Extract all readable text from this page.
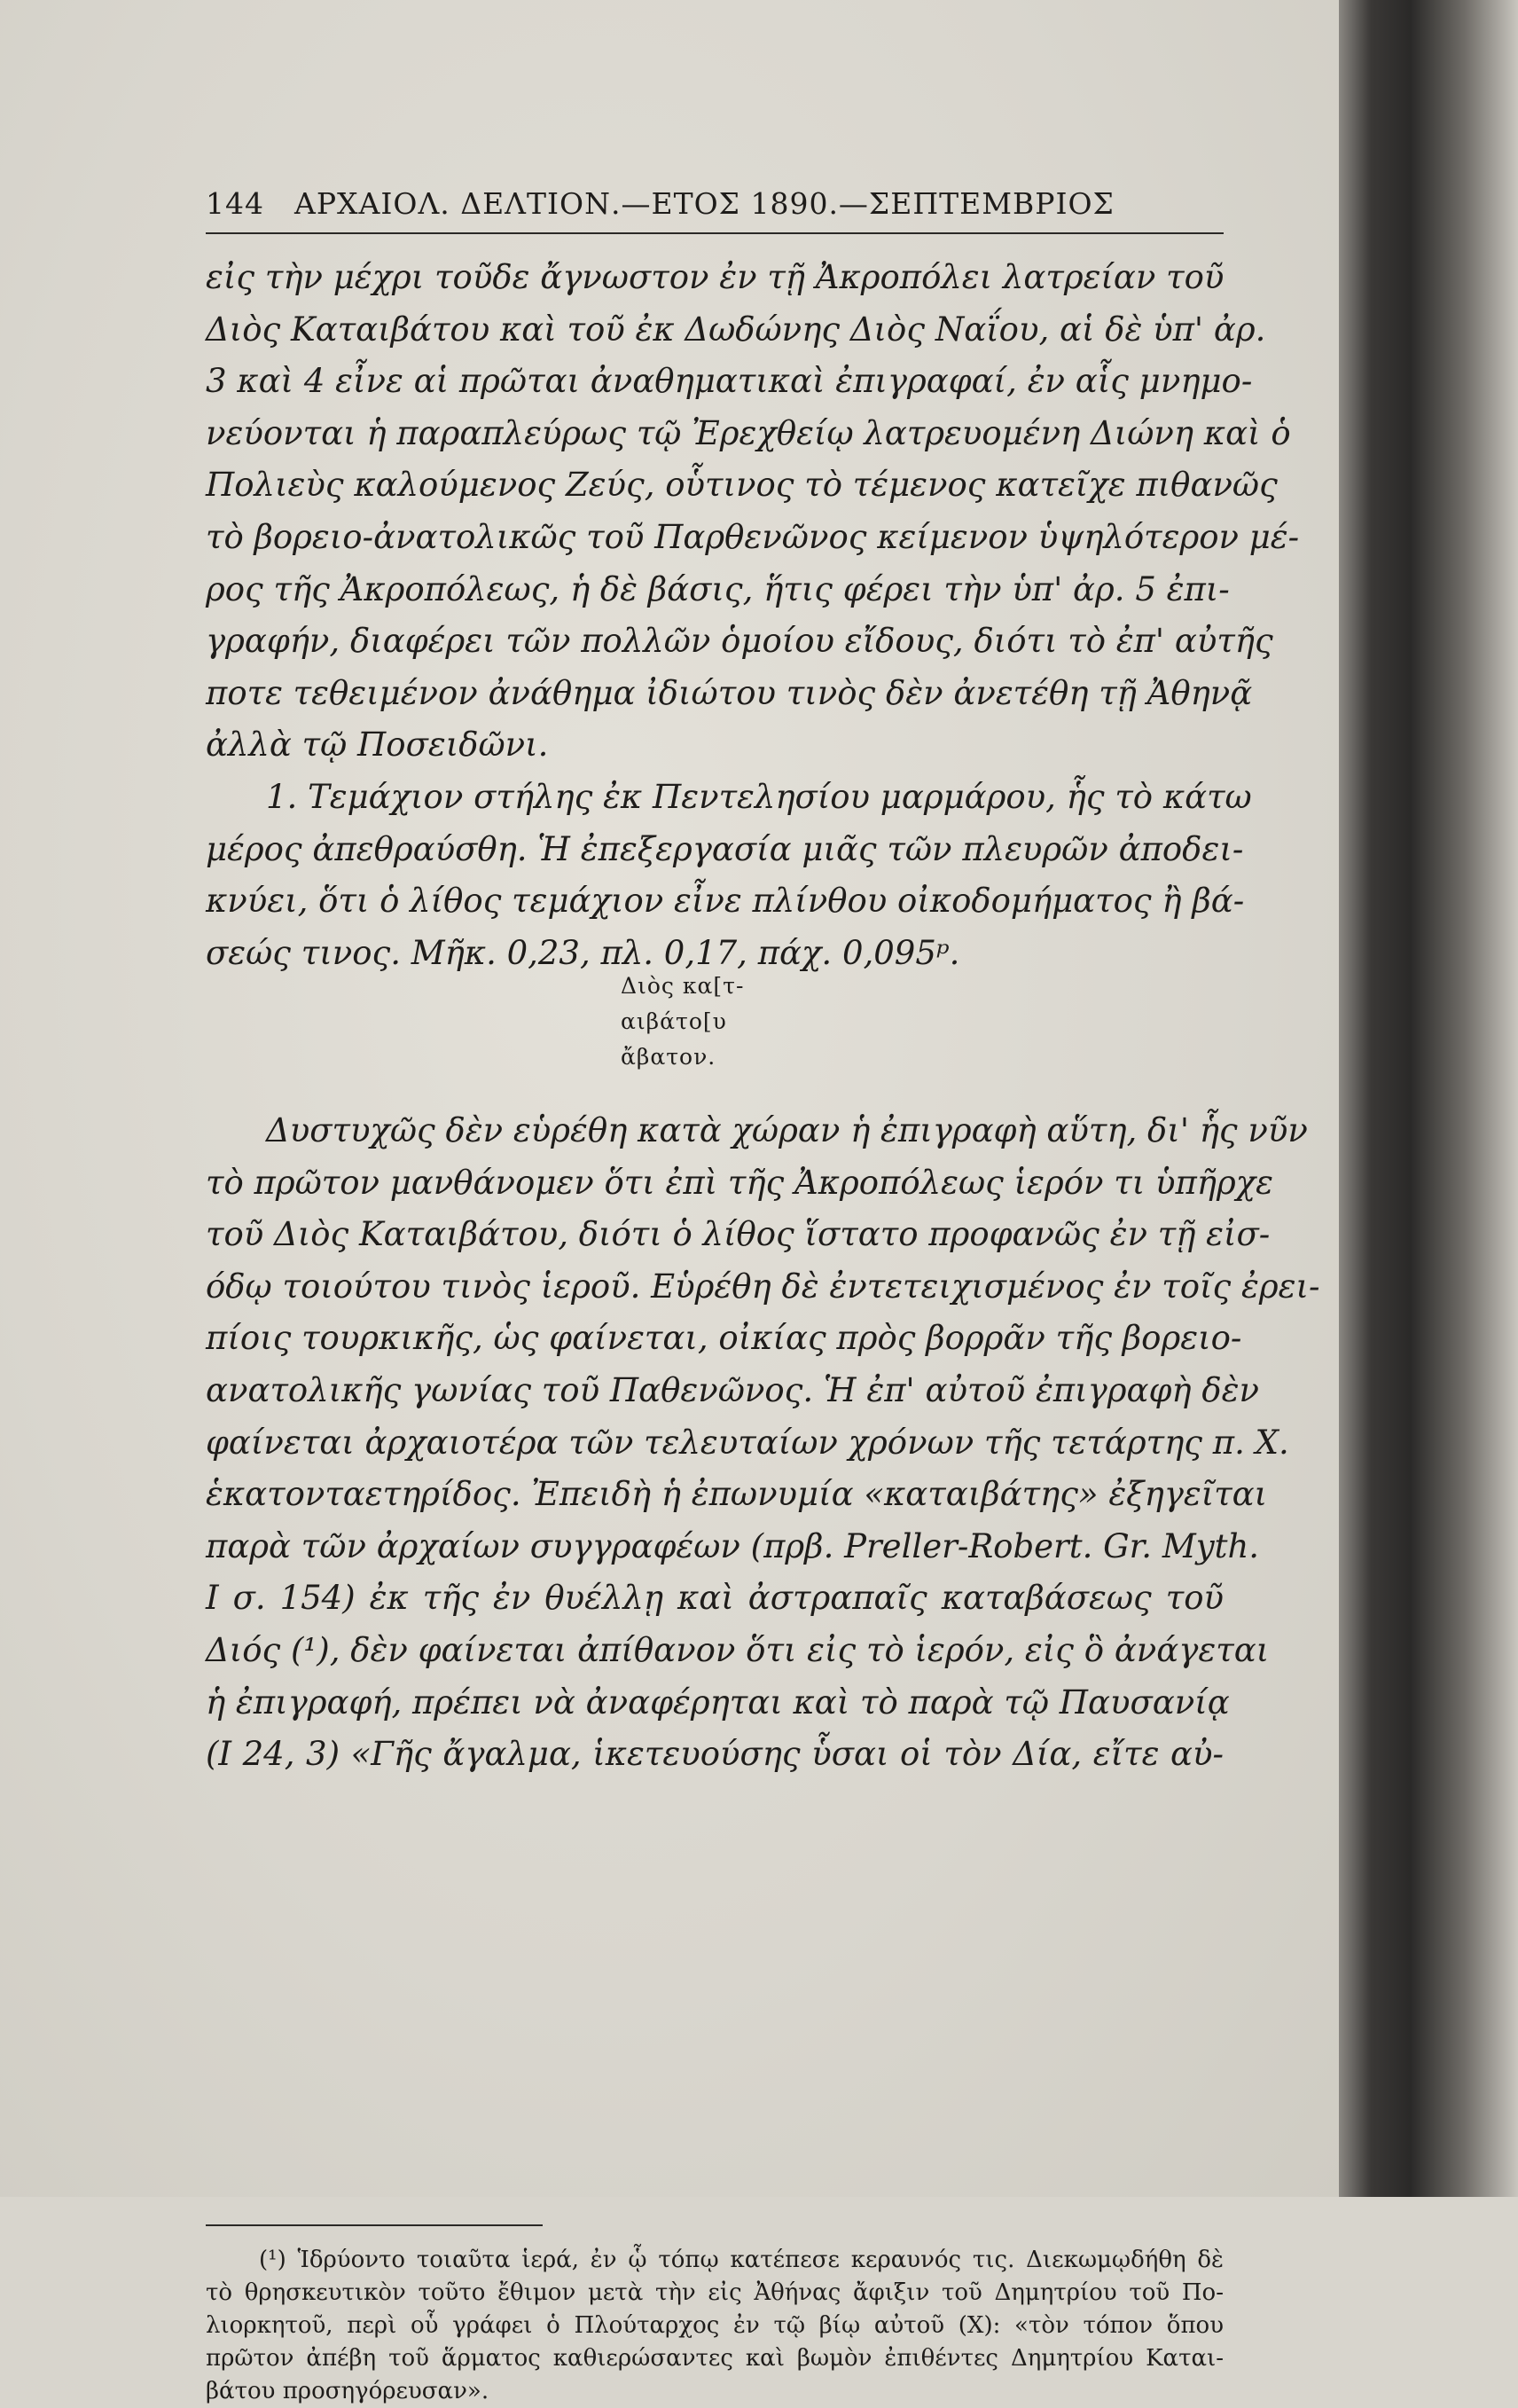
144 ΑΡΧΑΙΟΛ. ΔΕΛΤΙΟΝ.—ΕΤΟΣ 1890.—ΣΕΠΤΕΜΒΡΙΟΣ
εἰς τὴν μέχρι τοῦδε ἄγνωστον ἐν τῇ Ἀκροπόλει λατρείαν τοῦ
Διὸς Καταιβάτου καὶ τοῦ ἐκ Δωδώνης Διὸς Ναΐου, αἱ δὲ ὑπ' ἀρ.
3 καὶ 4 εἶνε αἱ πρῶται ἀναθηματικαὶ ἐπιγραφαί, ἐν αἷς μνημο-
νεύονται ἡ παραπλεύρως τῷ Ἐρεχθείῳ λατρευομένη Διώνη καὶ ὁ
Πολιεὺς καλούμενος Ζεύς, οὗτινος τὸ τέμενος κατεῖχε πιθανῶς
τὸ βορειο-ἀνατολικῶς τοῦ Παρθενῶνος κείμενον ὑψηλότερον μέ-
ρος τῆς Ἀκροπόλεως, ἡ δὲ βάσις, ἥτις φέρει τὴν ὑπ' ἀρ. 5 ἐπι-
γραφήν, διαφέρει τῶν πολλῶν ὁμοίου εἴδους, διότι τὸ ἐπ' αὐτῆς
ποτε τεθειμένον ἀνάθημα ἰδιώτου τινὸς δὲν ἀνετέθη τῇ Ἀθηνᾷ
ἀλλὰ τῷ Ποσειδῶνι.
1. Τεμάχιον στήλης ἐκ Πεντελησίου μαρμάρου, ἧς τὸ κάτω
μέρος ἀπεθραύσθη. Ἡ ἐπεξεργασία μιᾶς τῶν πλευρῶν ἀποδει-
κνύει, ὅτι ὁ λίθος τεμάχιον εἶνε πλίνθου οἰκοδομήματος ἢ βά-
σεώς τινος. Μῆκ. 0,23, πλ. 0,17, πάχ. 0,095ᵖ.
Διὸς κα[τ-
αιβάτο[υ
ἄβατον.
Δυστυχῶς δὲν εὑρέθη κατὰ χώραν ἡ ἐπιγραφὴ αὕτη, δι' ἧς νῦν
τὸ πρῶτον μανθάνομεν ὅτι ἐπὶ τῆς Ἀκροπόλεως ἱερόν τι ὑπῆρχε
τοῦ Διὸς Καταιβάτου, διότι ὁ λίθος ἵστατο προφανῶς ἐν τῇ εἰσ-
όδῳ τοιούτου τινὸς ἱεροῦ. Εὑρέθη δὲ ἐντετειχισμένος ἐν τοῖς ἐρει-
πίοις τουρκικῆς, ὡς φαίνεται, οἰκίας πρὸς βορρᾶν τῆς βορειο-
ανατολικῆς γωνίας τοῦ Παθενῶνος. Ἡ ἐπ' αὐτοῦ ἐπιγραφὴ δὲν
φαίνεται ἀρχαιοτέρα τῶν τελευταίων χρόνων τῆς τετάρτης π. Χ.
ἑκατονταετηρίδος. Ἐπειδὴ ἡ ἐπωνυμία «καταιβάτης» ἐξηγεῖται
παρὰ τῶν ἀρχαίων συγγραφέων (πρβ. Preller-Robert. Gr. Myth.
Ι σ. 154) ἐκ τῆς ἐν θυέλλῃ καὶ ἀστραπαῖς καταβάσεως τοῦ
Διός (¹), δὲν φαίνεται ἀπίθανον ὅτι εἰς τὸ ἱερόν, εἰς ὃ ἀνάγεται
ἡ ἐπιγραφή, πρέπει νὰ ἀναφέρηται καὶ τὸ παρὰ τῷ Παυσανίᾳ
(Ι 24, 3) «Γῆς ἄγαλμα, ἱκετευούσης ὗσαι οἱ τὸν Δία, εἴτε αὐ-
(¹) Ἱδρύοντο τοιαῦτα ἱερά, ἐν ᾧ τόπῳ κατέπεσε κεραυνός τις. Διεκωμῳδήθη δὲ
τὸ θρησκευτικὸν τοῦτο ἔθιμον μετὰ τὴν εἰς Ἀθήνας ἄφιξιν τοῦ Δημητρίου τοῦ Πο-
λιορκητοῦ, περὶ οὗ γράφει ὁ Πλούταρχος ἐν τῷ βίῳ αὐτοῦ (Χ): «τὸν τόπον ὅπου
πρῶτον ἀπέβη τοῦ ἅρματος καθιερώσαντες καὶ βωμὸν ἐπιθέντες Δημητρίου Καται-
βάτου προσηγόρευσαν».
